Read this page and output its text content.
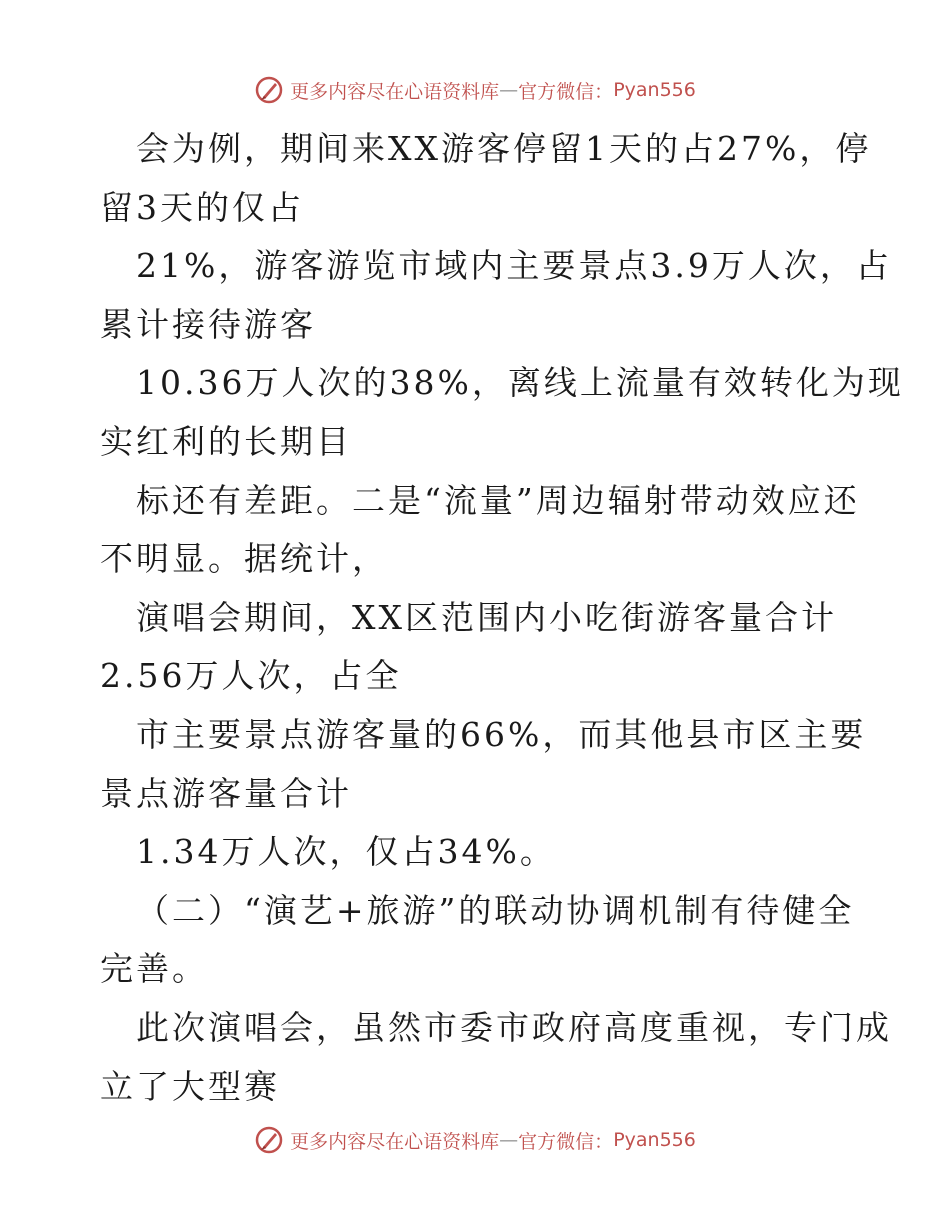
更多内容尽在心语资料库 — 官方微信： Pyan556
会为例，期间来XX游客停留1天的占27%，停
留3天的仅占
21%，游客游览市域内主要景点3.9万人次，占
累计接待游客
10.36万人次的38%，离线上流量有效转化为现
实红利的长期目
标还有差距。二是“流量”周边辐射带动效应还
不明显。据统计，
演唱会期间，XX区范围内小吃街游客量合计
2.56万人次，占全
市主要景点游客量的66%，而其他县市区主要
景点游客量合计
1.34万人次，仅占34%。
（二）“演艺+旅游”的联动协调机制有待健全
完善。
此次演唱会，虽然市委市政府高度重视，专门成
立了大型赛
更多内容尽在心语资料库 — 官方微信： Pyan556
